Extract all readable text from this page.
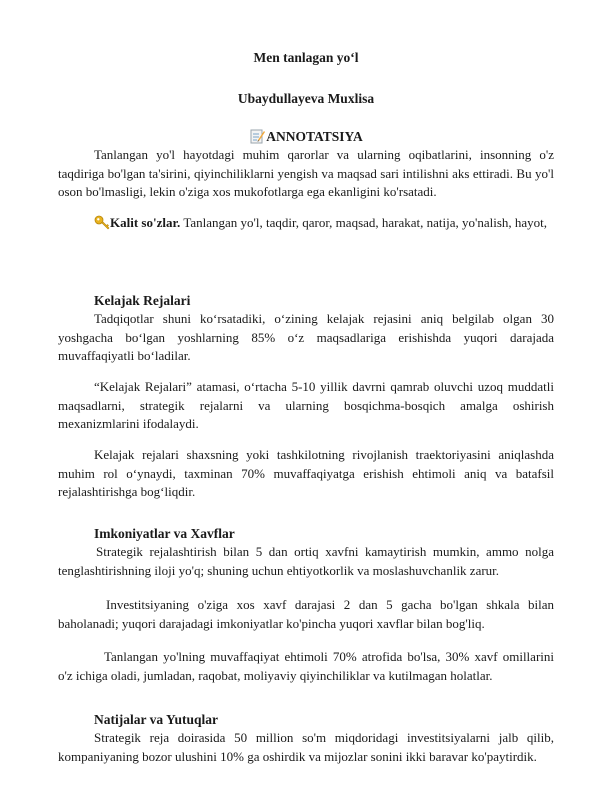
Men tanlagan yo‘l
Ubaydullayeva Muxlisa
ANNOTATSIYA

Tanlangan yo'l hayotdagi muhim qarorlar va ularning oqibatlarini, insonning o'z taqdiriga bo'lgan ta'sirini, qiyinchiliklarni yengish va maqsad sari intilishni aks ettiradi. Bu yo'l oson bo'lmasligi, lekin o'ziga xos mukofotlarga ega ekanligini ko'rsatadi.

Kalit so'zlar. Tanlangan yo'l, taqdir, qaror, maqsad, harakat, natija, yo'nalish, hayot,

Kelajak Rejalari

Tadqiqotlar shuni ko‘rsatadiki, o‘zining kelajak rejasini aniq belgilab olgan 30 yoshgacha bo‘lgan yoshlarning 85% o‘z maqsadlariga erishishda yuqori darajada muvaffaqiyatli bo‘ladilar.

“Kelajak Rejalari” atamasi, o‘rtacha 5-10 yillik davrni qamrab oluvchi uzoq muddatli maqsadlarni, strategik rejalarni va ularning bosqichma-bosqich amalga oshirish mexanizmlarini ifodalaydi.

Kelajak rejalari shaxsning yoki tashkilotning rivojlanish traektoriyasini aniqlashda muhim rol o‘ynaydi, taxminan 70% muvaffaqiyatga erishish ehtimoli aniq va batafsil rejalashtirishga bog‘liqdir.

Imkoniyatlar va Xavflar

Strategik rejalashtirish bilan 5 dan ortiq xavfni kamaytirish mumkin, ammo nolga tenglashtirishning iloji yo'q; shuning uchun ehtiyotkorlik va moslashuvchanlik zarur.

Investitsiyaning o'ziga xos xavf darajasi 2 dan 5 gacha bo'lgan shkala bilan baholanadi; yuqori darajadagi imkoniyatlar ko'pincha yuqori xavflar bilan bog'liq.

Tanlangan yo'lning muvaffaqiyat ehtimoli 70% atrofida bo'lsa, 30% xavf omillarini o'z ichiga oladi, jumladan, raqobat, moliyaviy qiyinchiliklar va kutilmagan holatlar.

Natijalar va Yutuqlar

Strategik reja doirasida 50 million so'm miqdoridagi investitsiyalarni jalb qilib, kompaniyaning bozor ulushini 10% ga oshirdik va mijozlar sonini ikki baravar ko'paytirdik.
